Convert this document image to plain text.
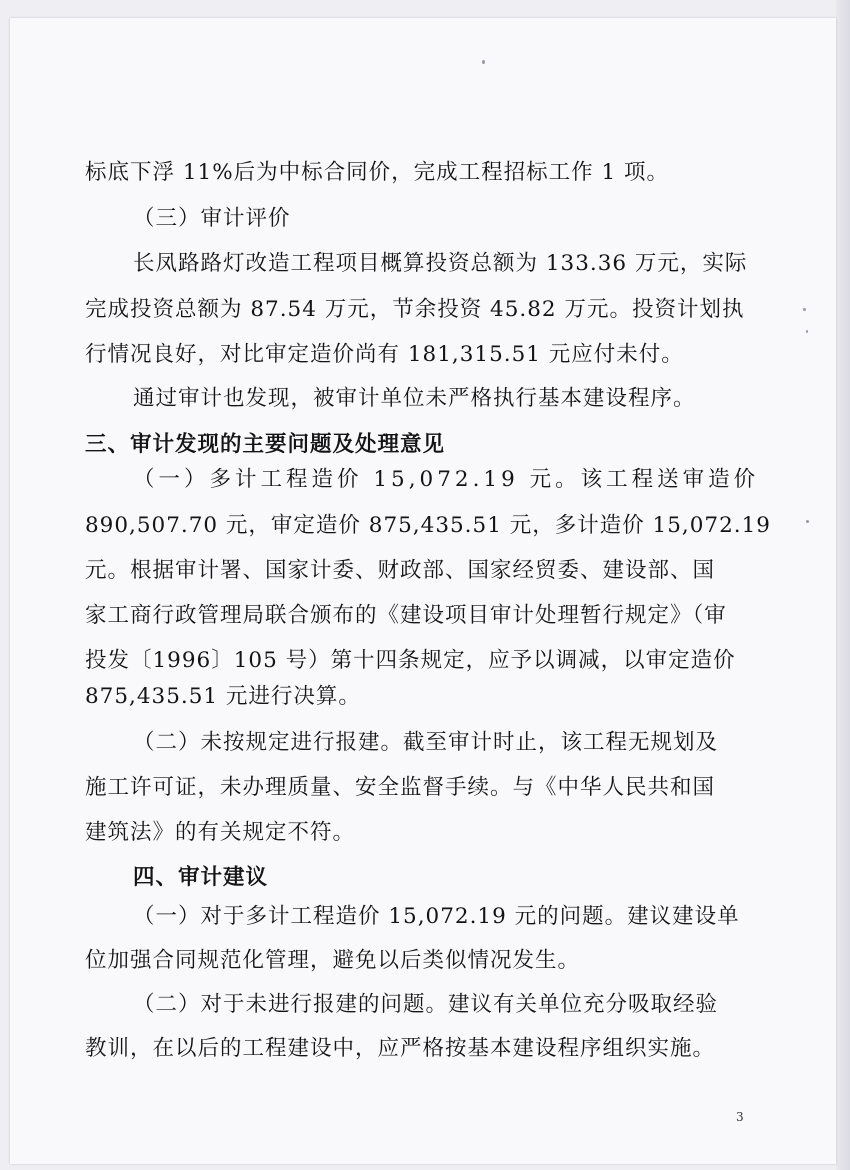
标底下浮 11%后为中标合同价，完成工程招标工作 1 项。
（三）审计评价
长凤路路灯改造工程项目概算投资总额为 133.36 万元，实际
完成投资总额为 87.54 万元，节余投资 45.82 万元。投资计划执
行情况良好，对比审定造价尚有 181,315.51 元应付未付。
通过审计也发现，被审计单位未严格执行基本建设程序。
三、审计发现的主要问题及处理意见
（一）多计工程造价 15,072.19 元。该工程送审造价
890,507.70 元，审定造价 875,435.51 元，多计造价 15,072.19
元。根据审计署、国家计委、财政部、国家经贸委、建设部、国
家工商行政管理局联合颁布的《建设项目审计处理暂行规定》（审
投发〔1996〕105 号）第十四条规定，应予以调减，以审定造价
875,435.51 元进行决算。
（二）未按规定进行报建。截至审计时止，该工程无规划及
施工许可证，未办理质量、安全监督手续。与《中华人民共和国
建筑法》的有关规定不符。
四、审计建议
（一）对于多计工程造价 15,072.19 元的问题。建议建设单
位加强合同规范化管理，避免以后类似情况发生。
（二）对于未进行报建的问题。建议有关单位充分吸取经验
教训，在以后的工程建设中，应严格按基本建设程序组织实施。
3
